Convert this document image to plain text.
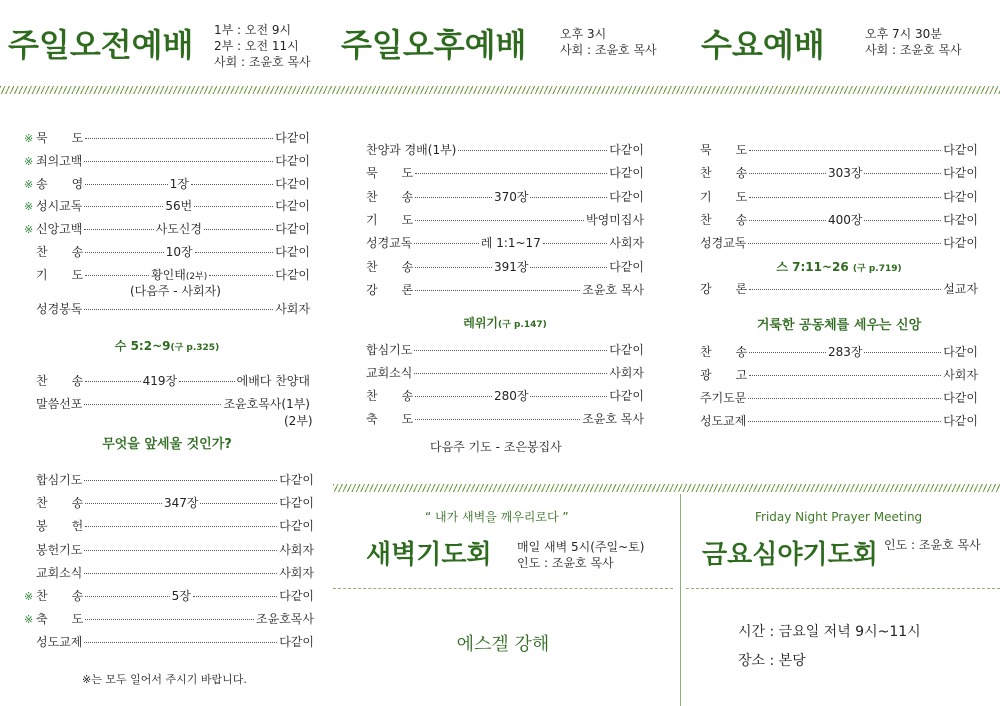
주일오전예배 1부 : 오전 9시
2부 : 오전 11시
사회 : 조윤호 목사 주일오후예배	오후 3시
사회 : 조윤호 목사 수요예배	오후 7시 30분
사회 : 조윤호 목사
※ 묵　　도	다같이
※ 죄의고백	다같이
※ 송　　영	1장	다같이
※ 성시교독	56번	다같이
※ 신앙고백	사도신경	다같이
찬　　송	10장	다같이
기　　도	황인태 (2부)	다같이
(다음주 - 사회자)
성경봉독	사회자
수 5:2~9(구 p.325)
찬　　송	419장	에배다 찬양대
말씀선포	조윤호목사(1부)
(2부)
무엇을 앞세울 것인가?
합심기도	다같이
찬　　송	347장	다같이
봉　　헌	다같이
봉헌기도	사회자
교회소식	사회자
※ 찬　　송	5장	다같이
※ 축　　도	조윤호목사
성도교제	다같이
※는 모두 일어서 주시기 바랍니다.
찬양과 경배(1부)	다같이
묵　　도	다같이
찬　　송	370장	다같이
기　　도	박영미집사
성경교독	레 1:1~17	사회자
찬　　송	391장	다같이
강　　론	조윤호 목사
레위기(구 p.147)
합심기도	다같이
교회소식	사회자
찬　　송	280장	다같이
축　　도	조윤호 목사
다음주 기도 - 조은봉집사
묵　　도	다같이
찬　　송	303장	다같이
기　　도	다같이
찬　　송	400장	다같이
성경교독	다같이
스 7:11~26 (구 p.719)
강　　론	설교자
거룩한 공동체를 세우는 신앙
찬　　송	283장	다같이
광　　고	사회자
주기도문	다같이
성도교제	다같이
“ 내가 새벽을 깨우리로다 ”
새벽기도회 매일 새벽 5시(주일~토)
인도 : 조윤호 목사
에스겔 강해
Friday Night Prayer Meeting
금요심야기도회 인도 : 조윤호 목사
시간 : 금요일 저녁 9시~11시
장소 : 본당
